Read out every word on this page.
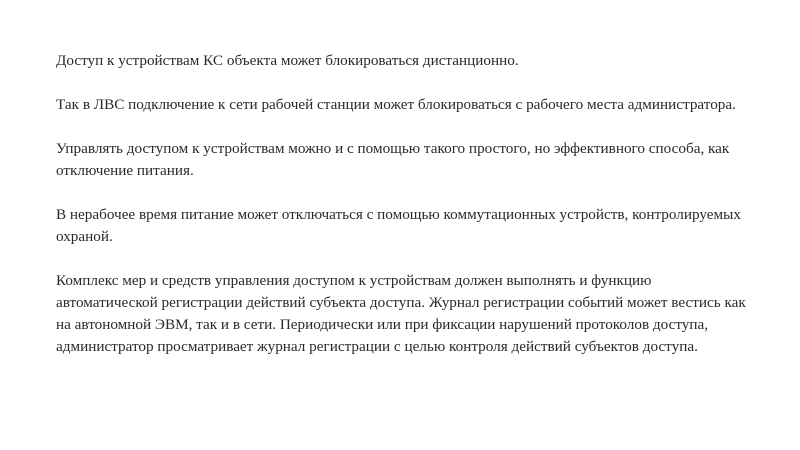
Доступ к устройствам КС объекта может блокироваться дистанционно.

Так в ЛВС подключение к сети рабочей станции может блокироваться с рабочего места администратора.

Управлять доступом к устройствам можно и с помощью такого простого, но эффективного способа, как отключение питания.

В нерабочее время питание может отключаться с помощью коммутационных устройств, контролируемых охраной.

Комплекс мер и средств управления доступом к устройствам должен выполнять и функцию автоматической регистрации действий субъекта доступа. Журнал регистрации событий может вестись как на автономной ЭВМ, так и в сети. Периодически или при фиксации нарушений протоколов доступа, администратор просматривает журнал регистрации с целью контроля действий субъектов доступа.
